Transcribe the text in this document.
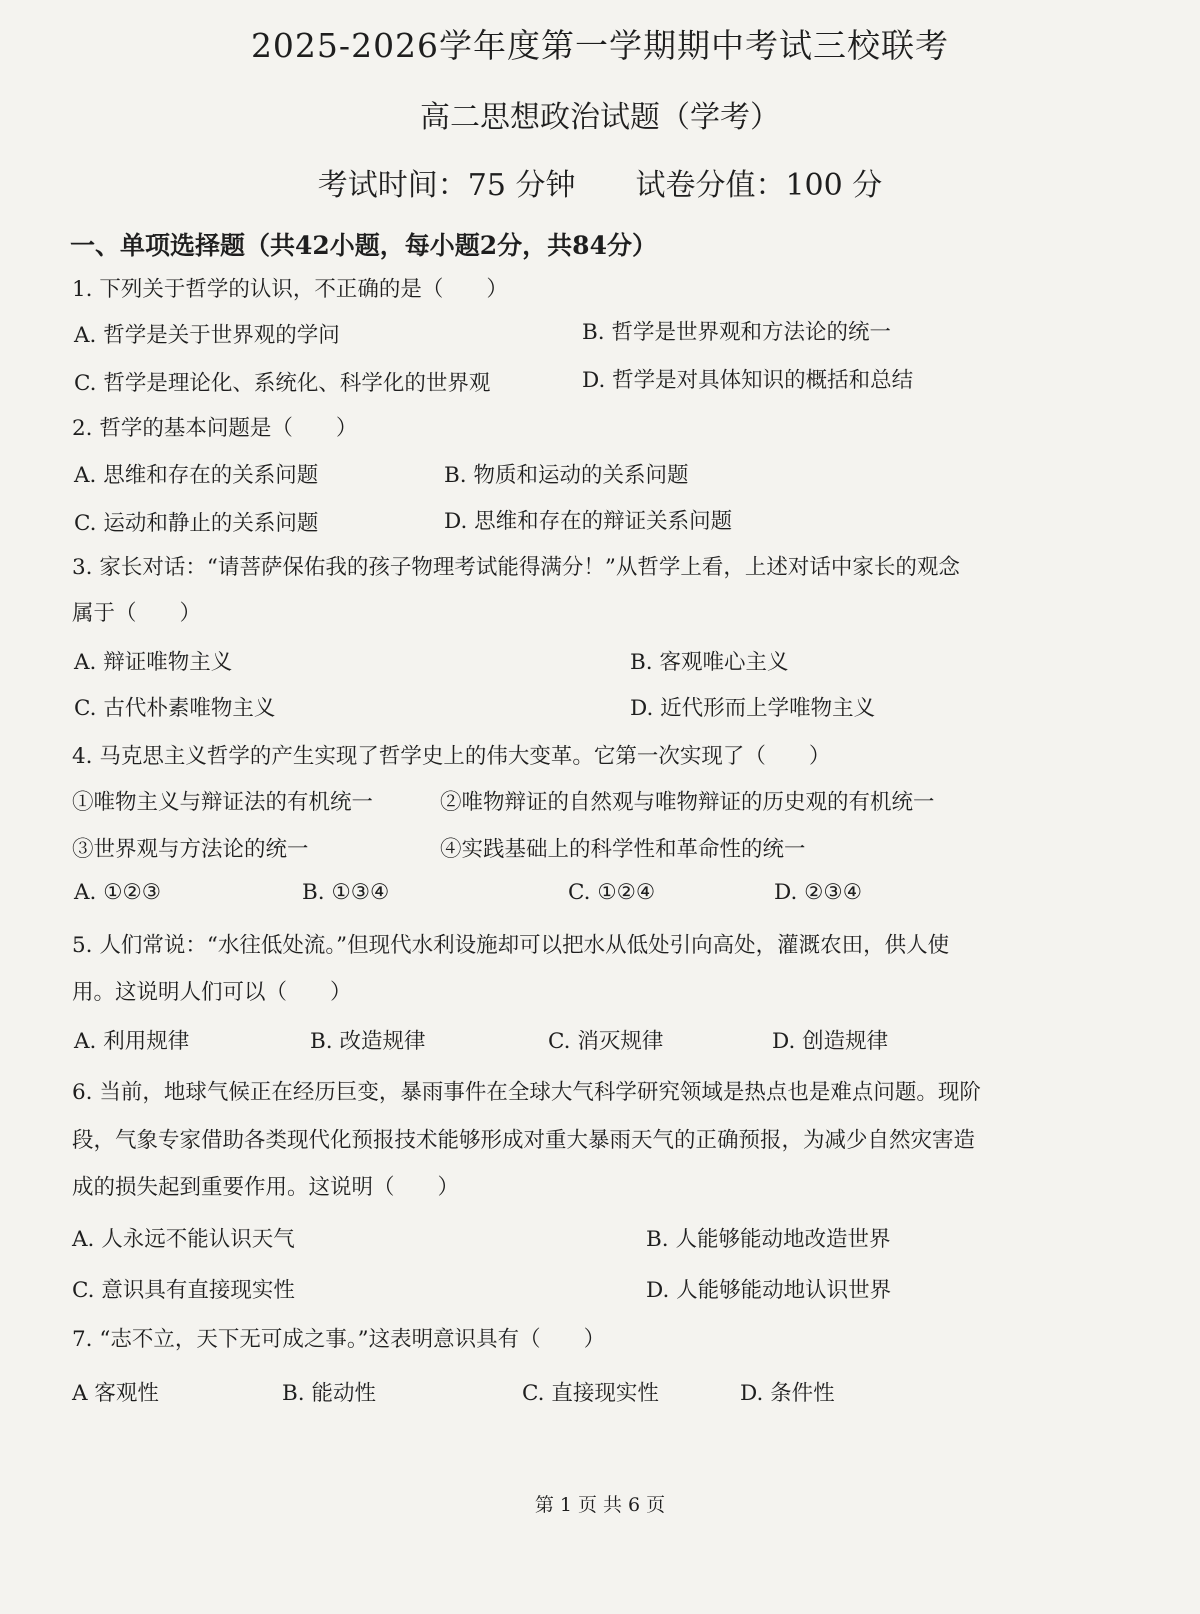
2025-2026学年度第一学期期中考试三校联考
高二思想政治试题（学考）
考试时间：75 分钟 试卷分值：100 分
一、单项选择题（共42小题，每小题2分，共84分）
1. 下列关于哲学的认识，不正确的是（　　）
A. 哲学是关于世界观的学问	B. 哲学是世界观和方法论的统一
C. 哲学是理论化、系统化、科学化的世界观	D. 哲学是对具体知识的概括和总结
2. 哲学的基本问题是（　　）
A. 思维和存在的关系问题	B. 物质和运动的关系问题
C. 运动和静止的关系问题	D. 思维和存在的辩证关系问题
3. 家长对话：“请菩萨保佑我的孩子物理考试能得满分！”从哲学上看，上述对话中家长的观念
属于（　　）
A. 辩证唯物主义	B. 客观唯心主义
C. 古代朴素唯物主义	D. 近代形而上学唯物主义
4. 马克思主义哲学的产生实现了哲学史上的伟大变革。它第一次实现了（　　）
①唯物主义与辩证法的有机统一	②唯物辩证的自然观与唯物辩证的历史观的有机统一
③世界观与方法论的统一	④实践基础上的科学性和革命性的统一
A. ①②③	B. ①③④	C. ①②④	D. ②③④
5. 人们常说：“水往低处流。”但现代水利设施却可以把水从低处引向高处，灌溉农田，供人使
用。这说明人们可以（　　）
A. 利用规律	B. 改造规律	C. 消灭规律	D. 创造规律
6. 当前，地球气候正在经历巨变，暴雨事件在全球大气科学研究领域是热点也是难点问题。现阶
段，气象专家借助各类现代化预报技术能够形成对重大暴雨天气的正确预报，为减少自然灾害造
成的损失起到重要作用。这说明（　　）
A. 人永远不能认识天气	B. 人能够能动地改造世界
C. 意识具有直接现实性	D. 人能够能动地认识世界
7. “志不立，天下无可成之事。”这表明意识具有（　　）
A 客观性	B. 能动性	C. 直接现实性	D. 条件性
第 1 页 共 6 页
